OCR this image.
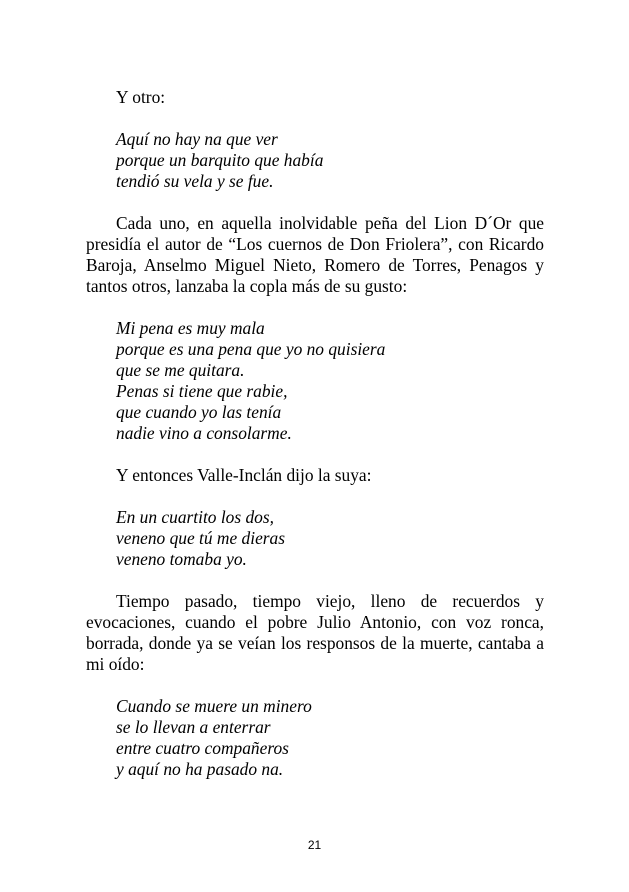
Y otro:

Aquí no hay na que ver
porque un barquito que había
tendió su vela y se fue.

Cada uno, en aquella inolvidable peña del Lion D´Or que presidía el autor de “Los cuernos de Don Friolera”, con Ricardo Baroja, Anselmo Miguel Nieto, Romero de Torres, Penagos y tantos otros, lanzaba la copla más de su gusto:

Mi pena es muy mala
porque es una pena que yo no quisiera
que se me quitara.
Penas si tiene que rabie,
que cuando yo las tenía
nadie vino a consolarme.

Y entonces Valle-Inclán dijo la suya:

En un cuartito los dos,
veneno que tú me dieras
veneno tomaba yo.

Tiempo pasado, tiempo viejo, lleno de recuerdos y evocaciones, cuando el pobre Julio Antonio, con voz ronca, borrada, donde ya se veían los responsos de la muerte, cantaba a mi oído:

Cuando se muere un minero
se lo llevan a enterrar
entre cuatro compañeros
y aquí no ha pasado na.
21
